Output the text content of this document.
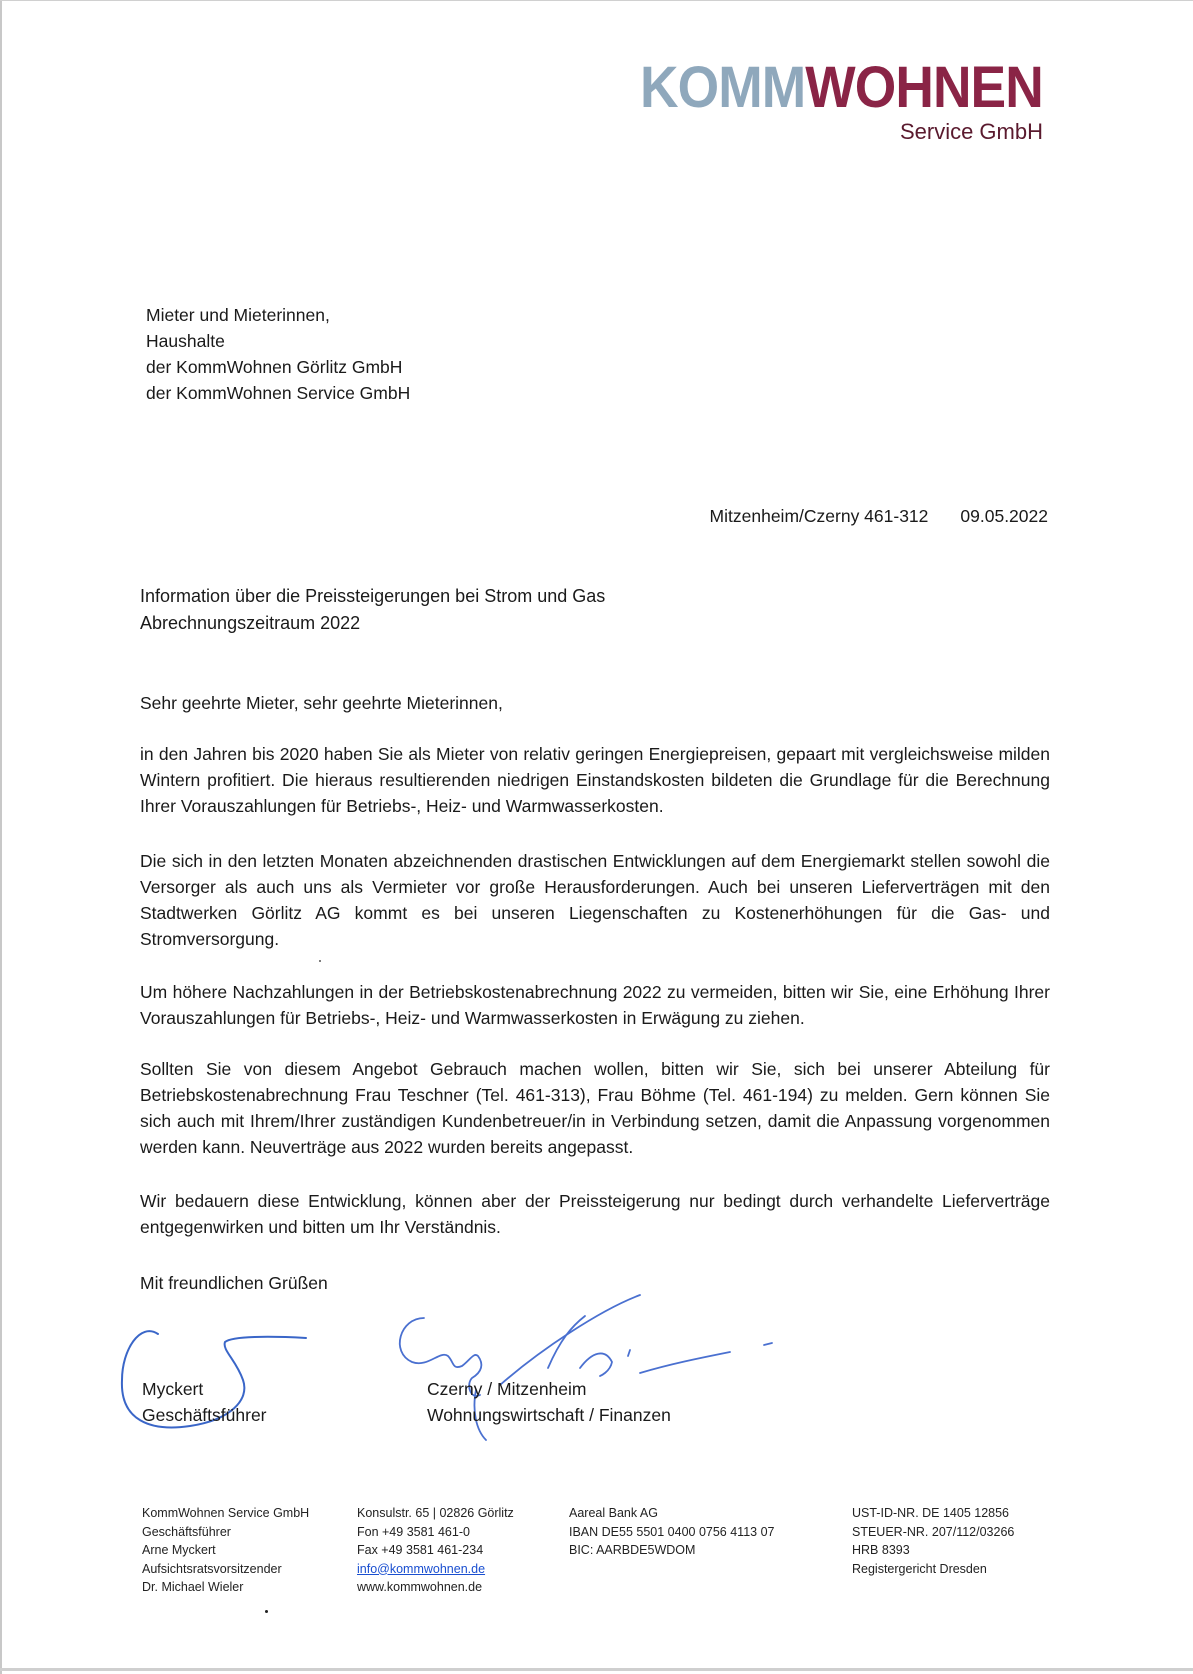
KOMMWOHNEN
Service GmbH
Mieter und Mieterinnen,
Haushalte
der KommWohnen Görlitz GmbH
der KommWohnen Service GmbH
Mitzenheim/Czerny 461-312 09.05.2022
Information über die Preissteigerungen bei Strom und Gas
Abrechnungszeitraum 2022
Sehr geehrte Mieter, sehr geehrte Mieterinnen,
in den Jahren bis 2020 haben Sie als Mieter von relativ geringen Energiepreisen, gepaart mit vergleichsweise milden Wintern profitiert. Die hieraus resultierenden niedrigen Einstandskosten bildeten die Grundlage für die Berechnung Ihrer Vorauszahlungen für Betriebs-, Heiz- und Warmwasserkosten.
Die sich in den letzten Monaten abzeichnenden drastischen Entwicklungen auf dem Energiemarkt stellen sowohl die Versorger als auch uns als Vermieter vor große Herausforderungen. Auch bei unseren Lieferverträgen mit den Stadtwerken Görlitz AG kommt es bei unseren Liegenschaften zu Kostenerhöhungen für die Gas- und Stromversorgung.
Um höhere Nachzahlungen in der Betriebskostenabrechnung 2022 zu vermeiden, bitten wir Sie, eine Erhöhung Ihrer Vorauszahlungen für Betriebs-, Heiz- und Warmwasserkosten in Erwägung zu ziehen.
Sollten Sie von diesem Angebot Gebrauch machen wollen, bitten wir Sie, sich bei unserer Abteilung für Betriebskostenabrechnung Frau Teschner (Tel. 461-313), Frau Böhme (Tel. 461-194) zu melden. Gern können Sie sich auch mit Ihrem/Ihrer zuständigen Kundenbetreuer/in in Verbindung setzen, damit die Anpassung vorgenommen werden kann. Neuverträge aus 2022 wurden bereits angepasst.
Wir bedauern diese Entwicklung, können aber der Preissteigerung nur bedingt durch verhandelte Lieferverträge entgegenwirken und bitten um Ihr Verständnis.
Mit freundlichen Grüßen
Myckert
Geschäftsführer
Czerny / Mitzenheim
Wohnungswirtschaft / Finanzen
KommWohnen Service GmbH
Geschäftsführer
Arne Myckert
Aufsichtsratsvorsitzender
Dr. Michael Wieler
Konsulstr. 65 | 02826 Görlitz
Fon +49 3581 461-0
Fax +49 3581 461-234
info@kommwohnen.de
www.kommwohnen.de
Aareal Bank AG
IBAN DE55 5501 0400 0756 4113 07
BIC: AARBDE5WDOM
UST-ID-NR. DE 1405 12856
STEUER-NR. 207/112/03266
HRB 8393
Registergericht Dresden
